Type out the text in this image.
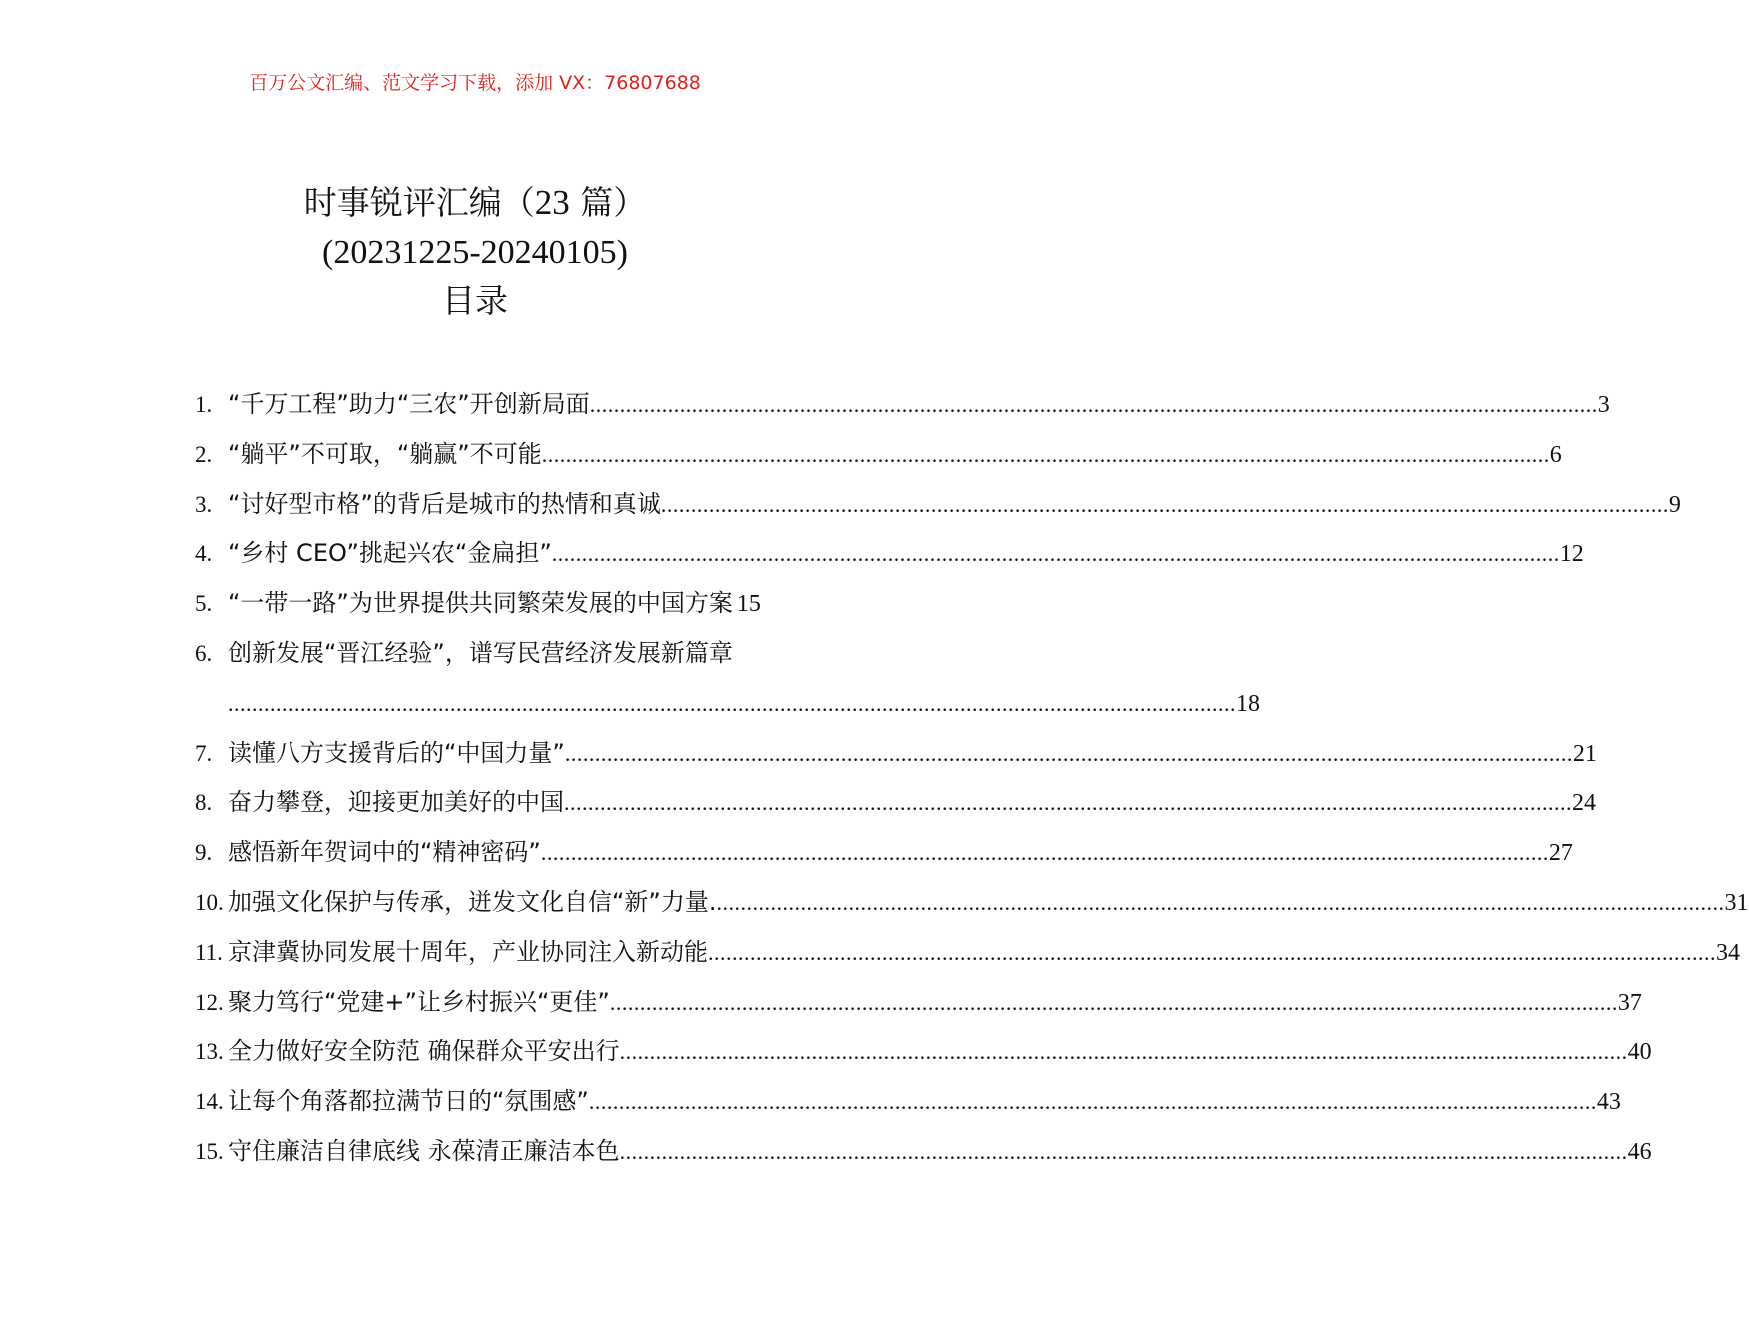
百万公文汇编、范文学习下载，添加 VX：76807688
时事锐评汇编（23 篇）
(20231225-20240105)
目录
1. “千万工程”助力“三农”开创新局面 .....	3
2. “躺平”不可取，“躺赢”不可能 .....	6
3. “讨好型市格”的背后是城市的热情和真诚 .....	9
4. “乡村 CEO”挑起兴农“金扁担” .....	12
5. “一带一路”为世界提供共同繁荣发展的中国方案 15
6. 创新发展“晋江经验”，谱写民营经济发展新篇章
.....
18
7. 读懂八方支援背后的“中国力量” .....	21
8. 奋力攀登，迎接更加美好的中国 .....	24
9. 感悟新年贺词中的“精神密码” .....	27
10. 加强文化保护与传承，迸发文化自信“新”力量. .....	31
11. 京津冀协同发展十周年，产业协同注入新动能 .....	34
12. 聚力笃行“党建+”让乡村振兴“更佳” .....	37
13. 全力做好安全防范 确保群众平安出行 .....	40
14. 让每个角落都拉满节日的“氛围感” .....	43
15. 守住廉洁自律底线 永葆清正廉洁本色 .....	46
